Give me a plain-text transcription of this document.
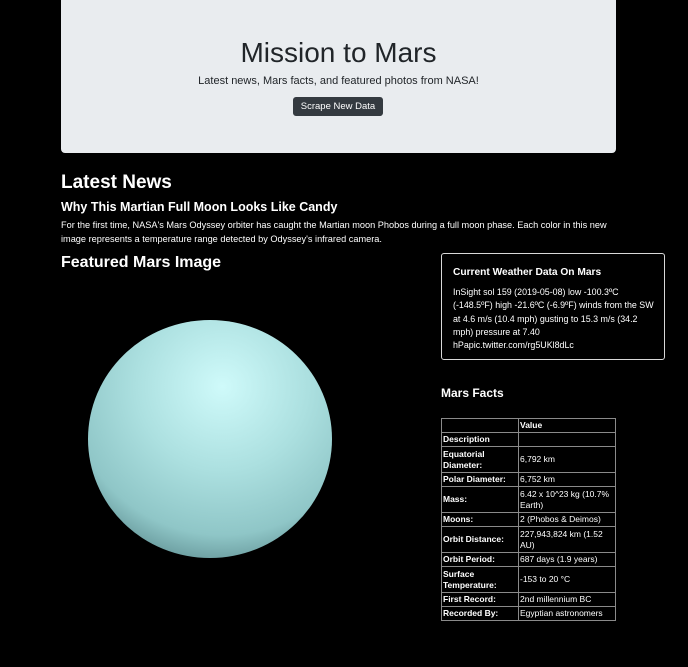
Mission to Mars

Latest news, Mars facts, and featured photos from NASA!

Scrape New Data
Latest News
Why This Martian Full Moon Looks Like Candy

For the first time, NASA's Mars Odyssey orbiter has caught the Martian moon Phobos during a full moon phase. Each color in this new image represents a temperature range detected by Odyssey's infrared camera.

Featured Mars Image
Current Weather Data On Mars

InSight sol 159 (2019-05-08) low -100.3ºC (-148.5ºF) high -21.6ºC (-6.9ºF) winds from the SW at 4.6 m/s (10.4 mph) gusting to 15.3 m/s (34.2 mph) pressure at 7.40 hPapic.twitter.com/rg5UKl8dLc

Mars Facts
	Value
Description	
Equatorial Diameter:	6,792 km
Polar Diameter:	6,752 km
Mass:	6.42 x 10^23 kg (10.7% Earth)
Moons:	2 (Phobos & Deimos)
Orbit Distance:	227,943,824 km (1.52 AU)
Orbit Period:	687 days (1.9 years)
Surface Temperature:	-153 to 20 °C
First Record:	2nd millennium BC
Recorded By:	Egyptian astronomers
